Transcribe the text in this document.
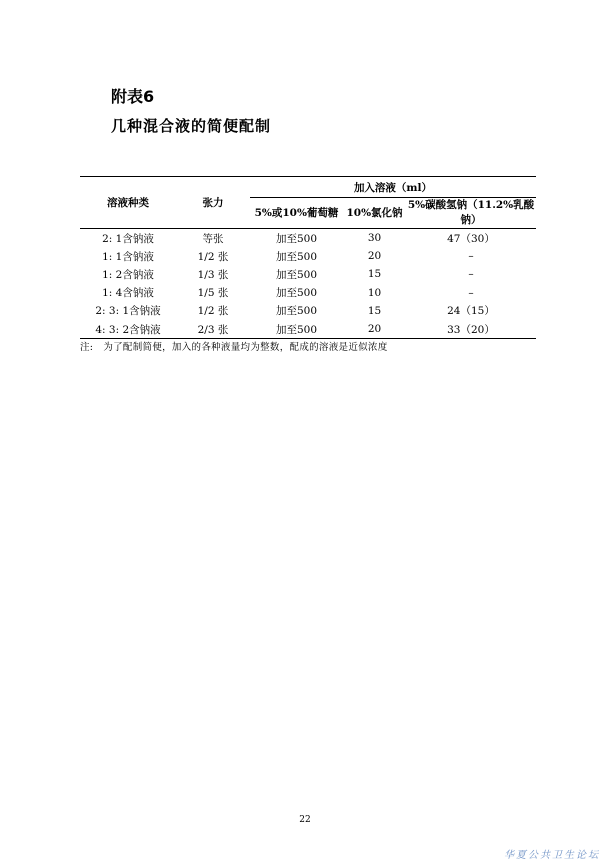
附表6
几种混合液的简便配制
溶液种类	张力	加入溶液（ml）		
		5%或10%葡萄糖	10%氯化钠	5%碳酸氢钠（11.2%乳酸钠）
2: 1含钠液	等张	加至500	30	47（30）
1: 1含钠液	1/2 张	加至500	20	–
1: 2含钠液	1/3 张	加至500	15	–
1: 4含钠液	1/5 张	加至500	10	–
2: 3: 1含钠液	1/2 张	加至500	15	24（15）
4: 3: 2含钠液	2/3 张	加至500	20	33（20）

注: 为了配制简便，加入的各种液量均为整数，配成的溶液是近似浓度

22
华夏公共卫生论坛
